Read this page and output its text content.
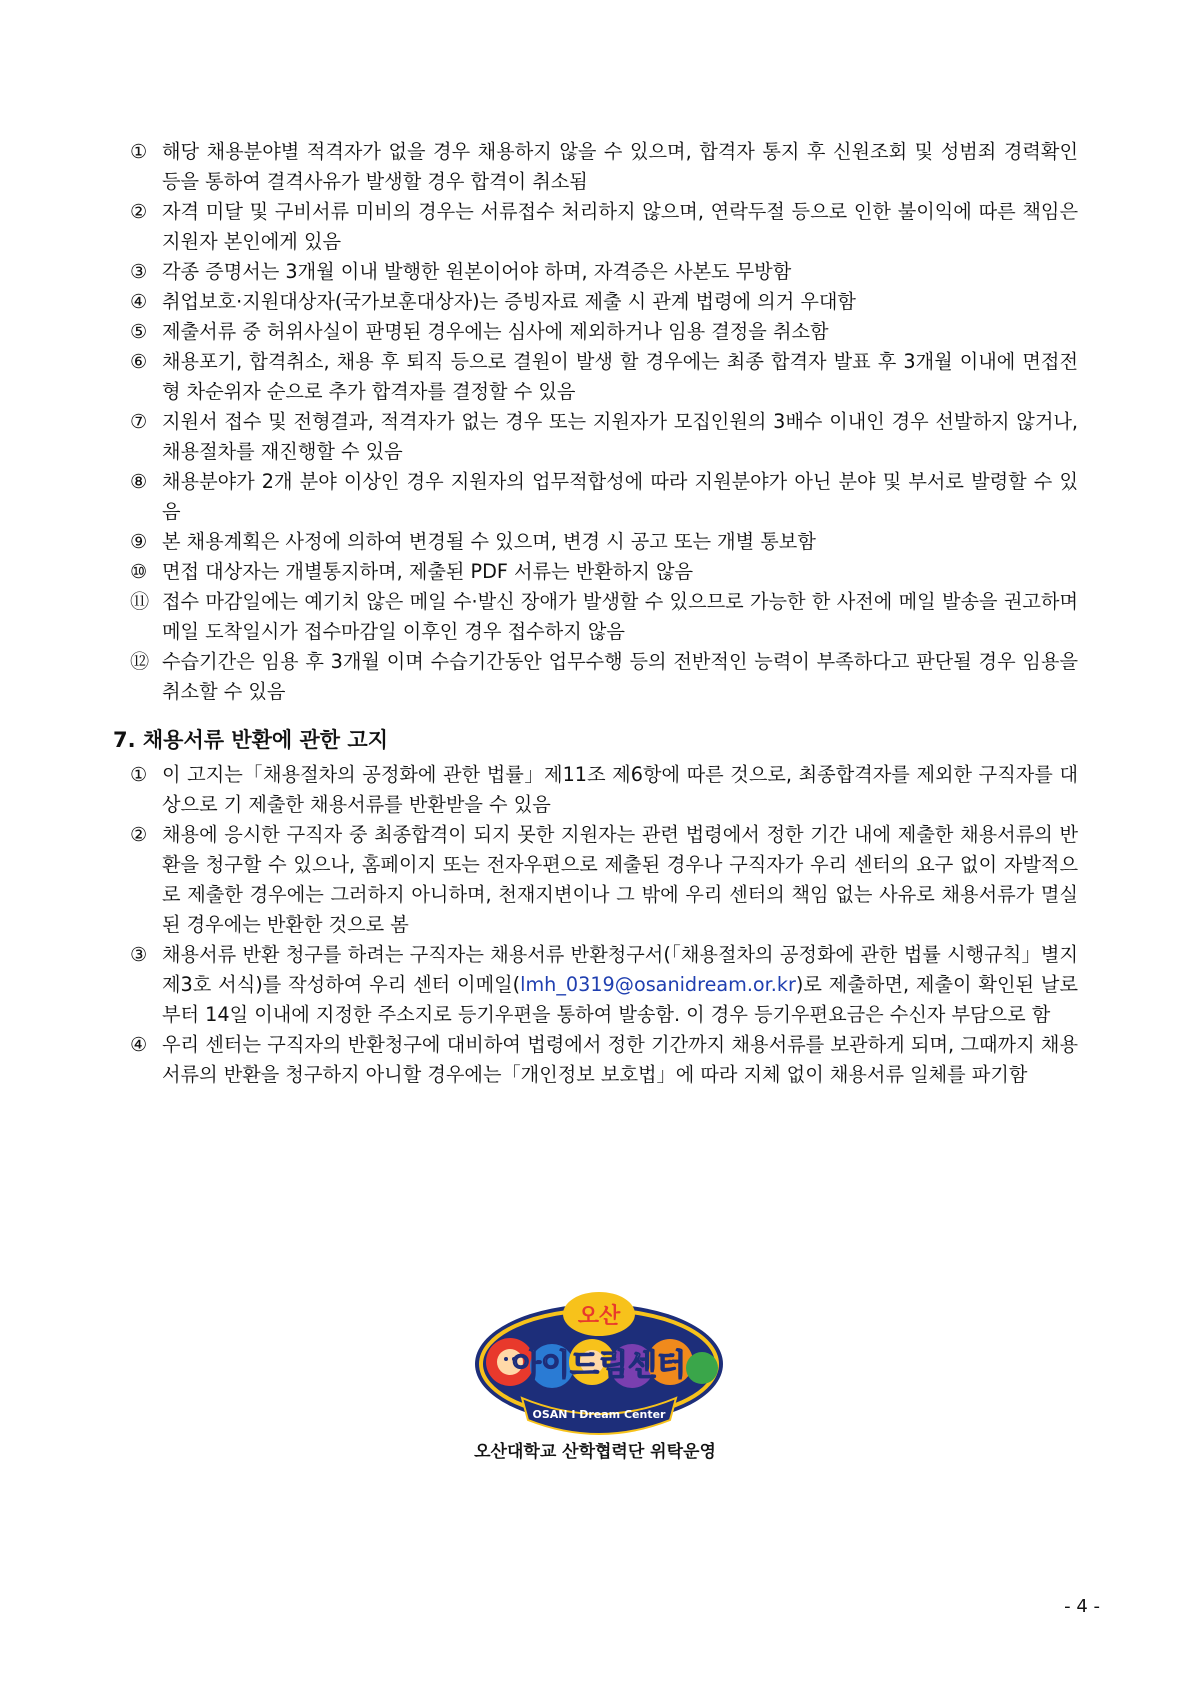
① 해당 채용분야별 적격자가 없을 경우 채용하지 않을 수 있으며, 합격자 통지 후 신원조회 및 성범죄 경력확인 등을 통하여 결격사유가 발생할 경우 합격이 취소됨
② 자격 미달 및 구비서류 미비의 경우는 서류접수 처리하지 않으며, 연락두절 등으로 인한 불이익에 따른 책임은 지원자 본인에게 있음
③ 각종 증명서는 3개월 이내 발행한 원본이어야 하며, 자격증은 사본도 무방함
④ 취업보호·지원대상자(국가보훈대상자)는 증빙자료 제출 시 관계 법령에 의거 우대함
⑤ 제출서류 중 허위사실이 판명된 경우에는 심사에 제외하거나 임용 결정을 취소함
⑥ 채용포기, 합격취소, 채용 후 퇴직 등으로 결원이 발생 할 경우에는 최종 합격자 발표 후 3개월 이내에 면접전형 차순위자 순으로 추가 합격자를 결정할 수 있음
⑦ 지원서 접수 및 전형결과, 적격자가 없는 경우 또는 지원자가 모집인원의 3배수 이내인 경우 선발하지 않거나, 채용절차를 재진행할 수 있음
⑧ 채용분야가 2개 분야 이상인 경우 지원자의 업무적합성에 따라 지원분야가 아닌 분야 및 부서로 발령할 수 있음
⑨ 본 채용계획은 사정에 의하여 변경될 수 있으며, 변경 시 공고 또는 개별 통보함
⑩ 면접 대상자는 개별통지하며, 제출된 PDF 서류는 반환하지 않음
⑪ 접수 마감일에는 예기치 않은 메일 수·발신 장애가 발생할 수 있으므로 가능한 한 사전에 메일 발송을 권고하며 메일 도착일시가 접수마감일 이후인 경우 접수하지 않음
⑫ 수습기간은 임용 후 3개월 이며 수습기간동안 업무수행 등의 전반적인 능력이 부족하다고 판단될 경우 임용을 취소할 수 있음
7. 채용서류 반환에 관한 고지
① 이 고지는「채용절차의 공정화에 관한 법률」제11조 제6항에 따른 것으로, 최종합격자를 제외한 구직자를 대상으로 기 제출한 채용서류를 반환받을 수 있음
② 채용에 응시한 구직자 중 최종합격이 되지 못한 지원자는 관련 법령에서 정한 기간 내에 제출한 채용서류의 반환을 청구할 수 있으나, 홈페이지 또는 전자우편으로 제출된 경우나 구직자가 우리 센터의 요구 없이 자발적으로 제출한 경우에는 그러하지 아니하며, 천재지변이나 그 밖에 우리 센터의 책임 없는 사유로 채용서류가 멸실된 경우에는 반환한 것으로 봄
③ 채용서류 반환 청구를 하려는 구직자는 채용서류 반환청구서(「채용절차의 공정화에 관한 법률 시행규칙」별지 제3호 서식)를 작성하여 우리 센터 이메일(lmh_0319@osanidream.or.kr)로 제출하면, 제출이 확인된 날로부터 14일 이내에 지정한 주소지로 등기우편을 통하여 발송함. 이 경우 등기우편요금은 수신자 부담으로 함
④ 우리 센터는 구직자의 반환청구에 대비하여 법령에서 정한 기간까지 채용서류를 보관하게 되며, 그때까지 채용서류의 반환을 청구하지 아니할 경우에는「개인정보 보호법」에 따라 지체 없이 채용서류 일체를 파기함
오산
아이드림센터
OSAN I Dream Center
오산대학교 산학협력단 위탁운영
- 4 -
